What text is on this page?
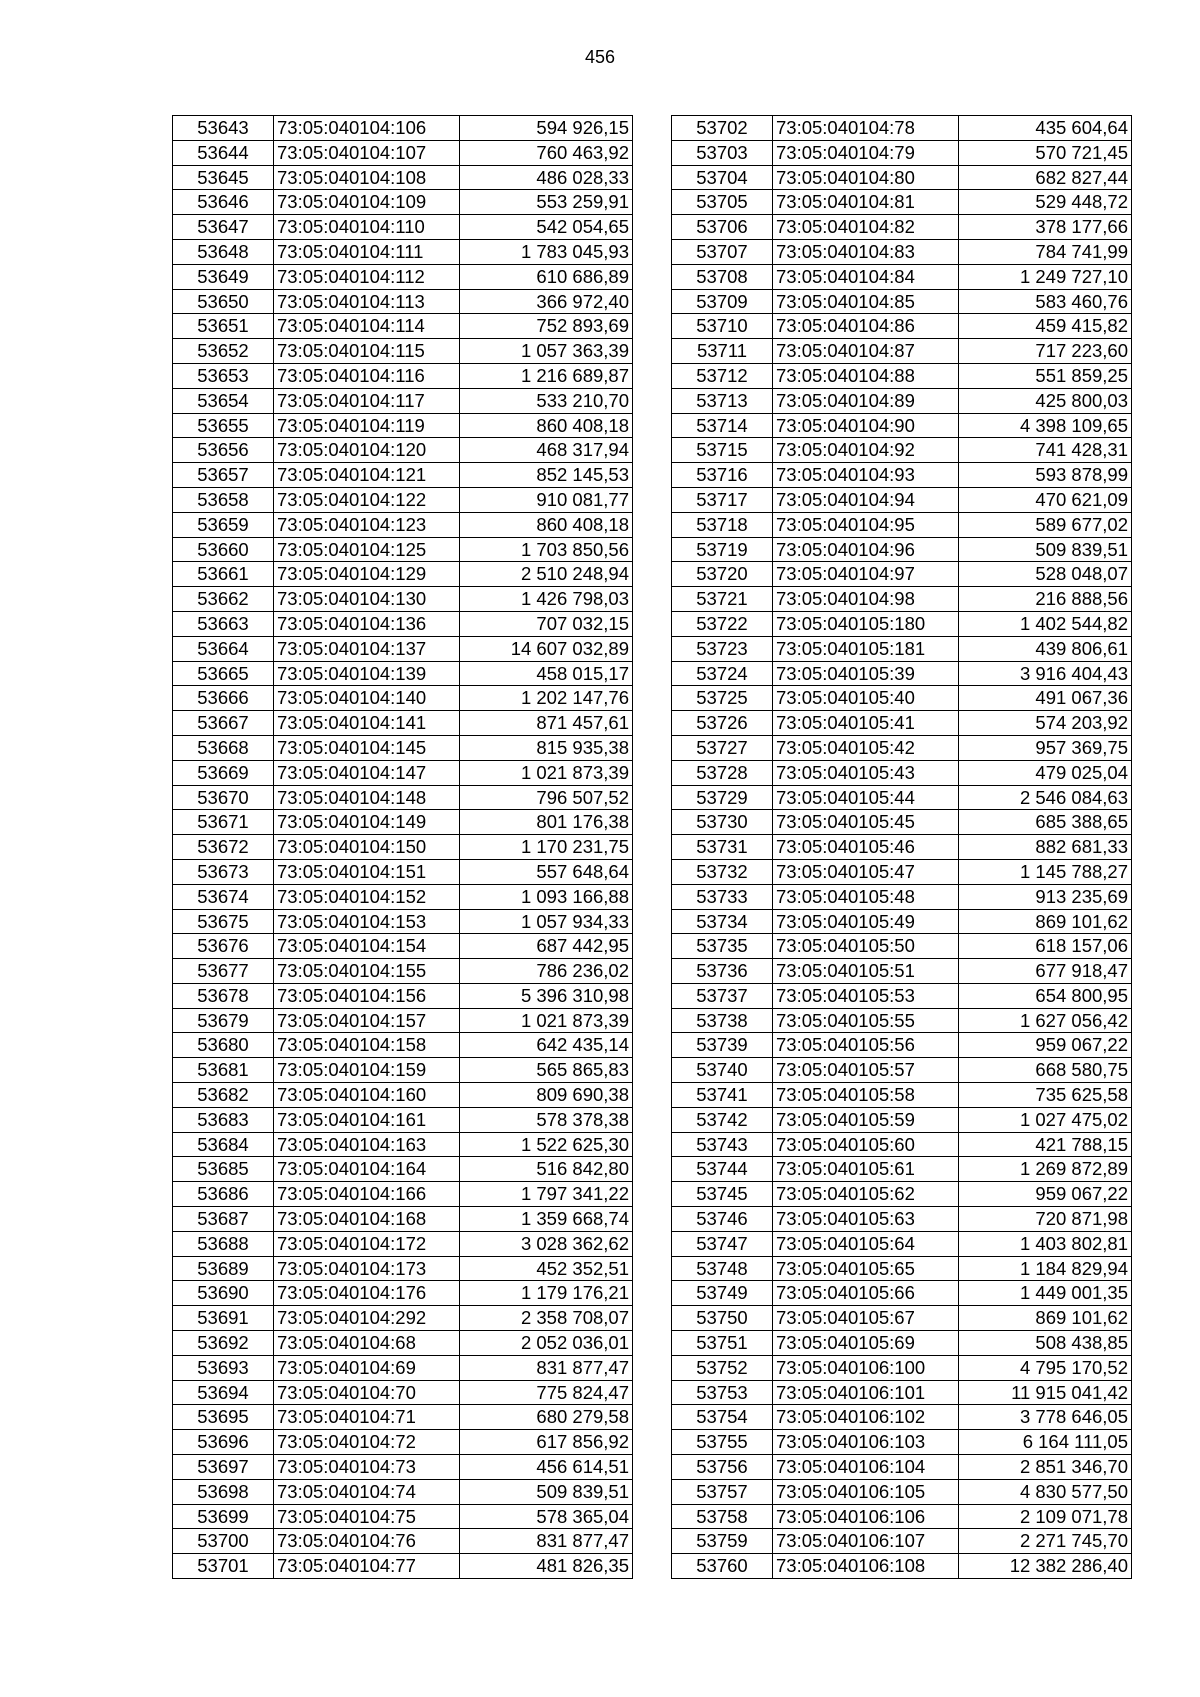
456
53643	73:05:040104:106	594 926,15
53644	73:05:040104:107	760 463,92
53645	73:05:040104:108	486 028,33
53646	73:05:040104:109	553 259,91
53647	73:05:040104:110	542 054,65
53648	73:05:040104:111	1 783 045,93
53649	73:05:040104:112	610 686,89
53650	73:05:040104:113	366 972,40
53651	73:05:040104:114	752 893,69
53652	73:05:040104:115	1 057 363,39
53653	73:05:040104:116	1 216 689,87
53654	73:05:040104:117	533 210,70
53655	73:05:040104:119	860 408,18
53656	73:05:040104:120	468 317,94
53657	73:05:040104:121	852 145,53
53658	73:05:040104:122	910 081,77
53659	73:05:040104:123	860 408,18
53660	73:05:040104:125	1 703 850,56
53661	73:05:040104:129	2 510 248,94
53662	73:05:040104:130	1 426 798,03
53663	73:05:040104:136	707 032,15
53664	73:05:040104:137	14 607 032,89
53665	73:05:040104:139	458 015,17
53666	73:05:040104:140	1 202 147,76
53667	73:05:040104:141	871 457,61
53668	73:05:040104:145	815 935,38
53669	73:05:040104:147	1 021 873,39
53670	73:05:040104:148	796 507,52
53671	73:05:040104:149	801 176,38
53672	73:05:040104:150	1 170 231,75
53673	73:05:040104:151	557 648,64
53674	73:05:040104:152	1 093 166,88
53675	73:05:040104:153	1 057 934,33
53676	73:05:040104:154	687 442,95
53677	73:05:040104:155	786 236,02
53678	73:05:040104:156	5 396 310,98
53679	73:05:040104:157	1 021 873,39
53680	73:05:040104:158	642 435,14
53681	73:05:040104:159	565 865,83
53682	73:05:040104:160	809 690,38
53683	73:05:040104:161	578 378,38
53684	73:05:040104:163	1 522 625,30
53685	73:05:040104:164	516 842,80
53686	73:05:040104:166	1 797 341,22
53687	73:05:040104:168	1 359 668,74
53688	73:05:040104:172	3 028 362,62
53689	73:05:040104:173	452 352,51
53690	73:05:040104:176	1 179 176,21
53691	73:05:040104:292	2 358 708,07
53692	73:05:040104:68	2 052 036,01
53693	73:05:040104:69	831 877,47
53694	73:05:040104:70	775 824,47
53695	73:05:040104:71	680 279,58
53696	73:05:040104:72	617 856,92
53697	73:05:040104:73	456 614,51
53698	73:05:040104:74	509 839,51
53699	73:05:040104:75	578 365,04
53700	73:05:040104:76	831 877,47
53701	73:05:040104:77	481 826,35
53702	73:05:040104:78	435 604,64
53703	73:05:040104:79	570 721,45
53704	73:05:040104:80	682 827,44
53705	73:05:040104:81	529 448,72
53706	73:05:040104:82	378 177,66
53707	73:05:040104:83	784 741,99
53708	73:05:040104:84	1 249 727,10
53709	73:05:040104:85	583 460,76
53710	73:05:040104:86	459 415,82
53711	73:05:040104:87	717 223,60
53712	73:05:040104:88	551 859,25
53713	73:05:040104:89	425 800,03
53714	73:05:040104:90	4 398 109,65
53715	73:05:040104:92	741 428,31
53716	73:05:040104:93	593 878,99
53717	73:05:040104:94	470 621,09
53718	73:05:040104:95	589 677,02
53719	73:05:040104:96	509 839,51
53720	73:05:040104:97	528 048,07
53721	73:05:040104:98	216 888,56
53722	73:05:040105:180	1 402 544,82
53723	73:05:040105:181	439 806,61
53724	73:05:040105:39	3 916 404,43
53725	73:05:040105:40	491 067,36
53726	73:05:040105:41	574 203,92
53727	73:05:040105:42	957 369,75
53728	73:05:040105:43	479 025,04
53729	73:05:040105:44	2 546 084,63
53730	73:05:040105:45	685 388,65
53731	73:05:040105:46	882 681,33
53732	73:05:040105:47	1 145 788,27
53733	73:05:040105:48	913 235,69
53734	73:05:040105:49	869 101,62
53735	73:05:040105:50	618 157,06
53736	73:05:040105:51	677 918,47
53737	73:05:040105:53	654 800,95
53738	73:05:040105:55	1 627 056,42
53739	73:05:040105:56	959 067,22
53740	73:05:040105:57	668 580,75
53741	73:05:040105:58	735 625,58
53742	73:05:040105:59	1 027 475,02
53743	73:05:040105:60	421 788,15
53744	73:05:040105:61	1 269 872,89
53745	73:05:040105:62	959 067,22
53746	73:05:040105:63	720 871,98
53747	73:05:040105:64	1 403 802,81
53748	73:05:040105:65	1 184 829,94
53749	73:05:040105:66	1 449 001,35
53750	73:05:040105:67	869 101,62
53751	73:05:040105:69	508 438,85
53752	73:05:040106:100	4 795 170,52
53753	73:05:040106:101	11 915 041,42
53754	73:05:040106:102	3 778 646,05
53755	73:05:040106:103	6 164 111,05
53756	73:05:040106:104	2 851 346,70
53757	73:05:040106:105	4 830 577,50
53758	73:05:040106:106	2 109 071,78
53759	73:05:040106:107	2 271 745,70
53760	73:05:040106:108	12 382 286,40
